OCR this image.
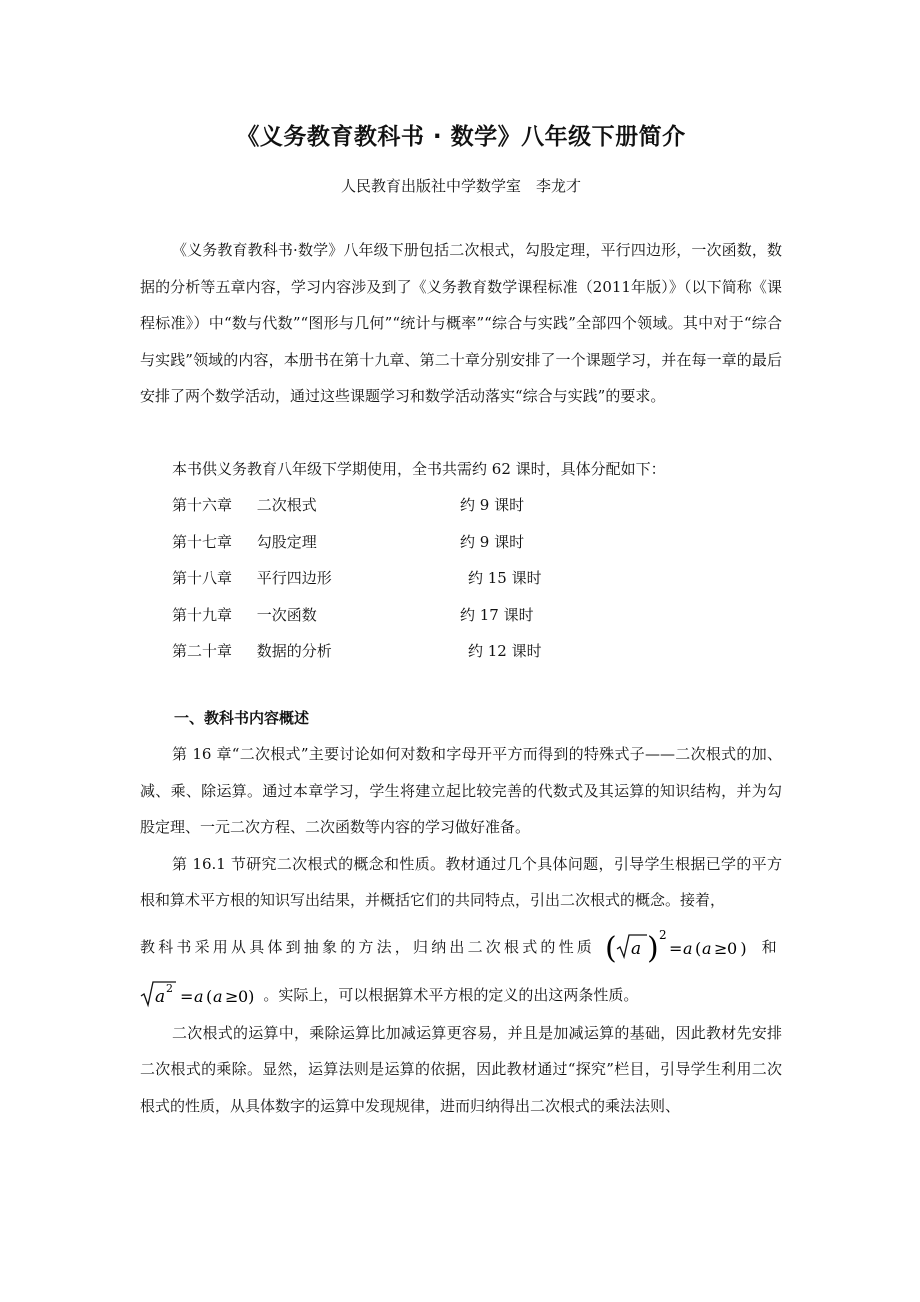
《义务教育教科书 · 数学》八年级下册简介
人民教育出版社中学数学室　李龙才

《义务教育教科书·数学》八年级下册包括二次根式，勾股定理，平行四边形，一次函数，数据的分析等五章内容，学习内容涉及到了《义务教育数学课程标准（2011年版）》（以下简称《课程标准》）中“数与代数”“图形与几何”“统计与概率”“综合与实践”全部四个领域。其中对于“综合与实践”领域的内容，本册书在第十九章、第二十章分别安排了一个课题学习，并在每一章的最后安排了两个数学活动，通过这些课题学习和数学活动落实“综合与实践”的要求。

本书供义务教育八年级下学期使用，全书共需约 62 课时，具体分配如下：

第十六章 二次根式	约 9 课时
第十七章 勾股定理	约 9 课时
第十八章 平行四边形	约 15 课时
第十九章 一次函数	约 17 课时
第二十章 数据的分析	约 12 课时
一、教科书内容概述

第 16 章“二次根式”主要讨论如何对数和字母开平方而得到的特殊式子——二次根式的加、减、乘、除运算。通过本章学习，学生将建立起比较完善的代数式及其运算的知识结构，并为勾股定理、一元二次方程、二次函数等内容的学习做好准备。

第 16.1 节研究二次根式的概念和性质。教材通过几个具体问题，引导学生根据已学的平方根和算术平方根的知识写出结果，并概括它们的共同特点，引出二次根式的概念。接着，

教科书采用从具体到抽象的方法，归纳出二次根式的性质 ( a )
2
=
a (
a ≥
0) 和
a 2 = a ( a ≥ 0) 。实际上，可以根据算术平方根的定义的出这两条性质。

二次根式的运算中，乘除运算比加减运算更容易，并且是加减运算的基础，因此教材先安排二次根式的乘除。显然，运算法则是运算的依据，因此教材通过“探究”栏目，引导学生利用二次根式的性质，从具体数字的运算中发现规律，进而归纳得出二次根式的乘法法则、
